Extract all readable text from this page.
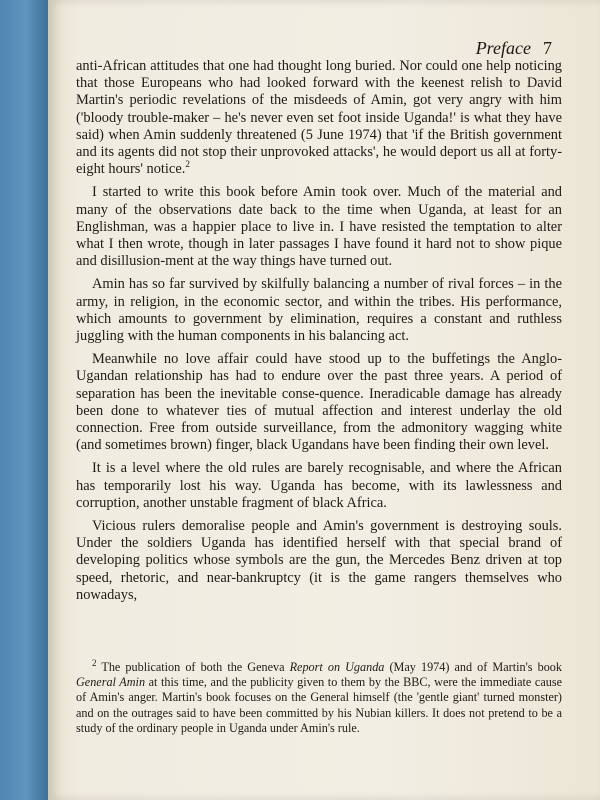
Preface 7

anti-African attitudes that one had thought long buried. Nor could one help noticing that those Europeans who had looked forward with the keenest relish to David Martin's periodic revelations of the misdeeds of Amin, got very angry with him ('bloody trouble-maker – he's never even set foot inside Uganda!' is what they have said) when Amin suddenly threatened (5 June 1974) that 'if the British government and its agents did not stop their unprovoked attacks', he would deport us all at forty-eight hours' notice.$^2$

I started to write this book before Amin took over. Much of the material and many of the observations date back to the time when Uganda, at least for an Englishman, was a happier place to live in. I have resisted the temptation to alter what I then wrote, though in later passages I have found it hard not to show pique and disillusion-ment at the way things have turned out.

Amin has so far survived by skilfully balancing a number of rival forces – in the army, in religion, in the economic sector, and within the tribes. His performance, which amounts to government by elimination, requires a constant and ruthless juggling with the human components in his balancing act.

Meanwhile no love affair could have stood up to the buffetings the Anglo-Ugandan relationship has had to endure over the past three years. A period of separation has been the inevitable conse-quence. Ineradicable damage has already been done to whatever ties of mutual affection and interest underlay the old connection. Free from outside surveillance, from the admonitory wagging white (and sometimes brown) finger, black Ugandans have been finding their own level.

It is a level where the old rules are barely recognisable, and where the African has temporarily lost his way. Uganda has become, with its lawlessness and corruption, another unstable fragment of black Africa.

Vicious rulers demoralise people and Amin's government is destroying souls. Under the soldiers Uganda has identified herself with that special brand of developing politics whose symbols are the gun, the Mercedes Benz driven at top speed, rhetoric, and near-bankruptcy (it is the game rangers themselves who nowadays,

$^2$ The publication of both the Geneva Report on Uganda (May 1974) and of Martin's book General Amin at this time, and the publicity given to them by the BBC, were the immediate cause of Amin's anger. Martin's book focuses on the General himself (the 'gentle giant' turned monster) and on the outrages said to have been committed by his Nubian killers. It does not pretend to be a study of the ordinary people in Uganda under Amin's rule.
